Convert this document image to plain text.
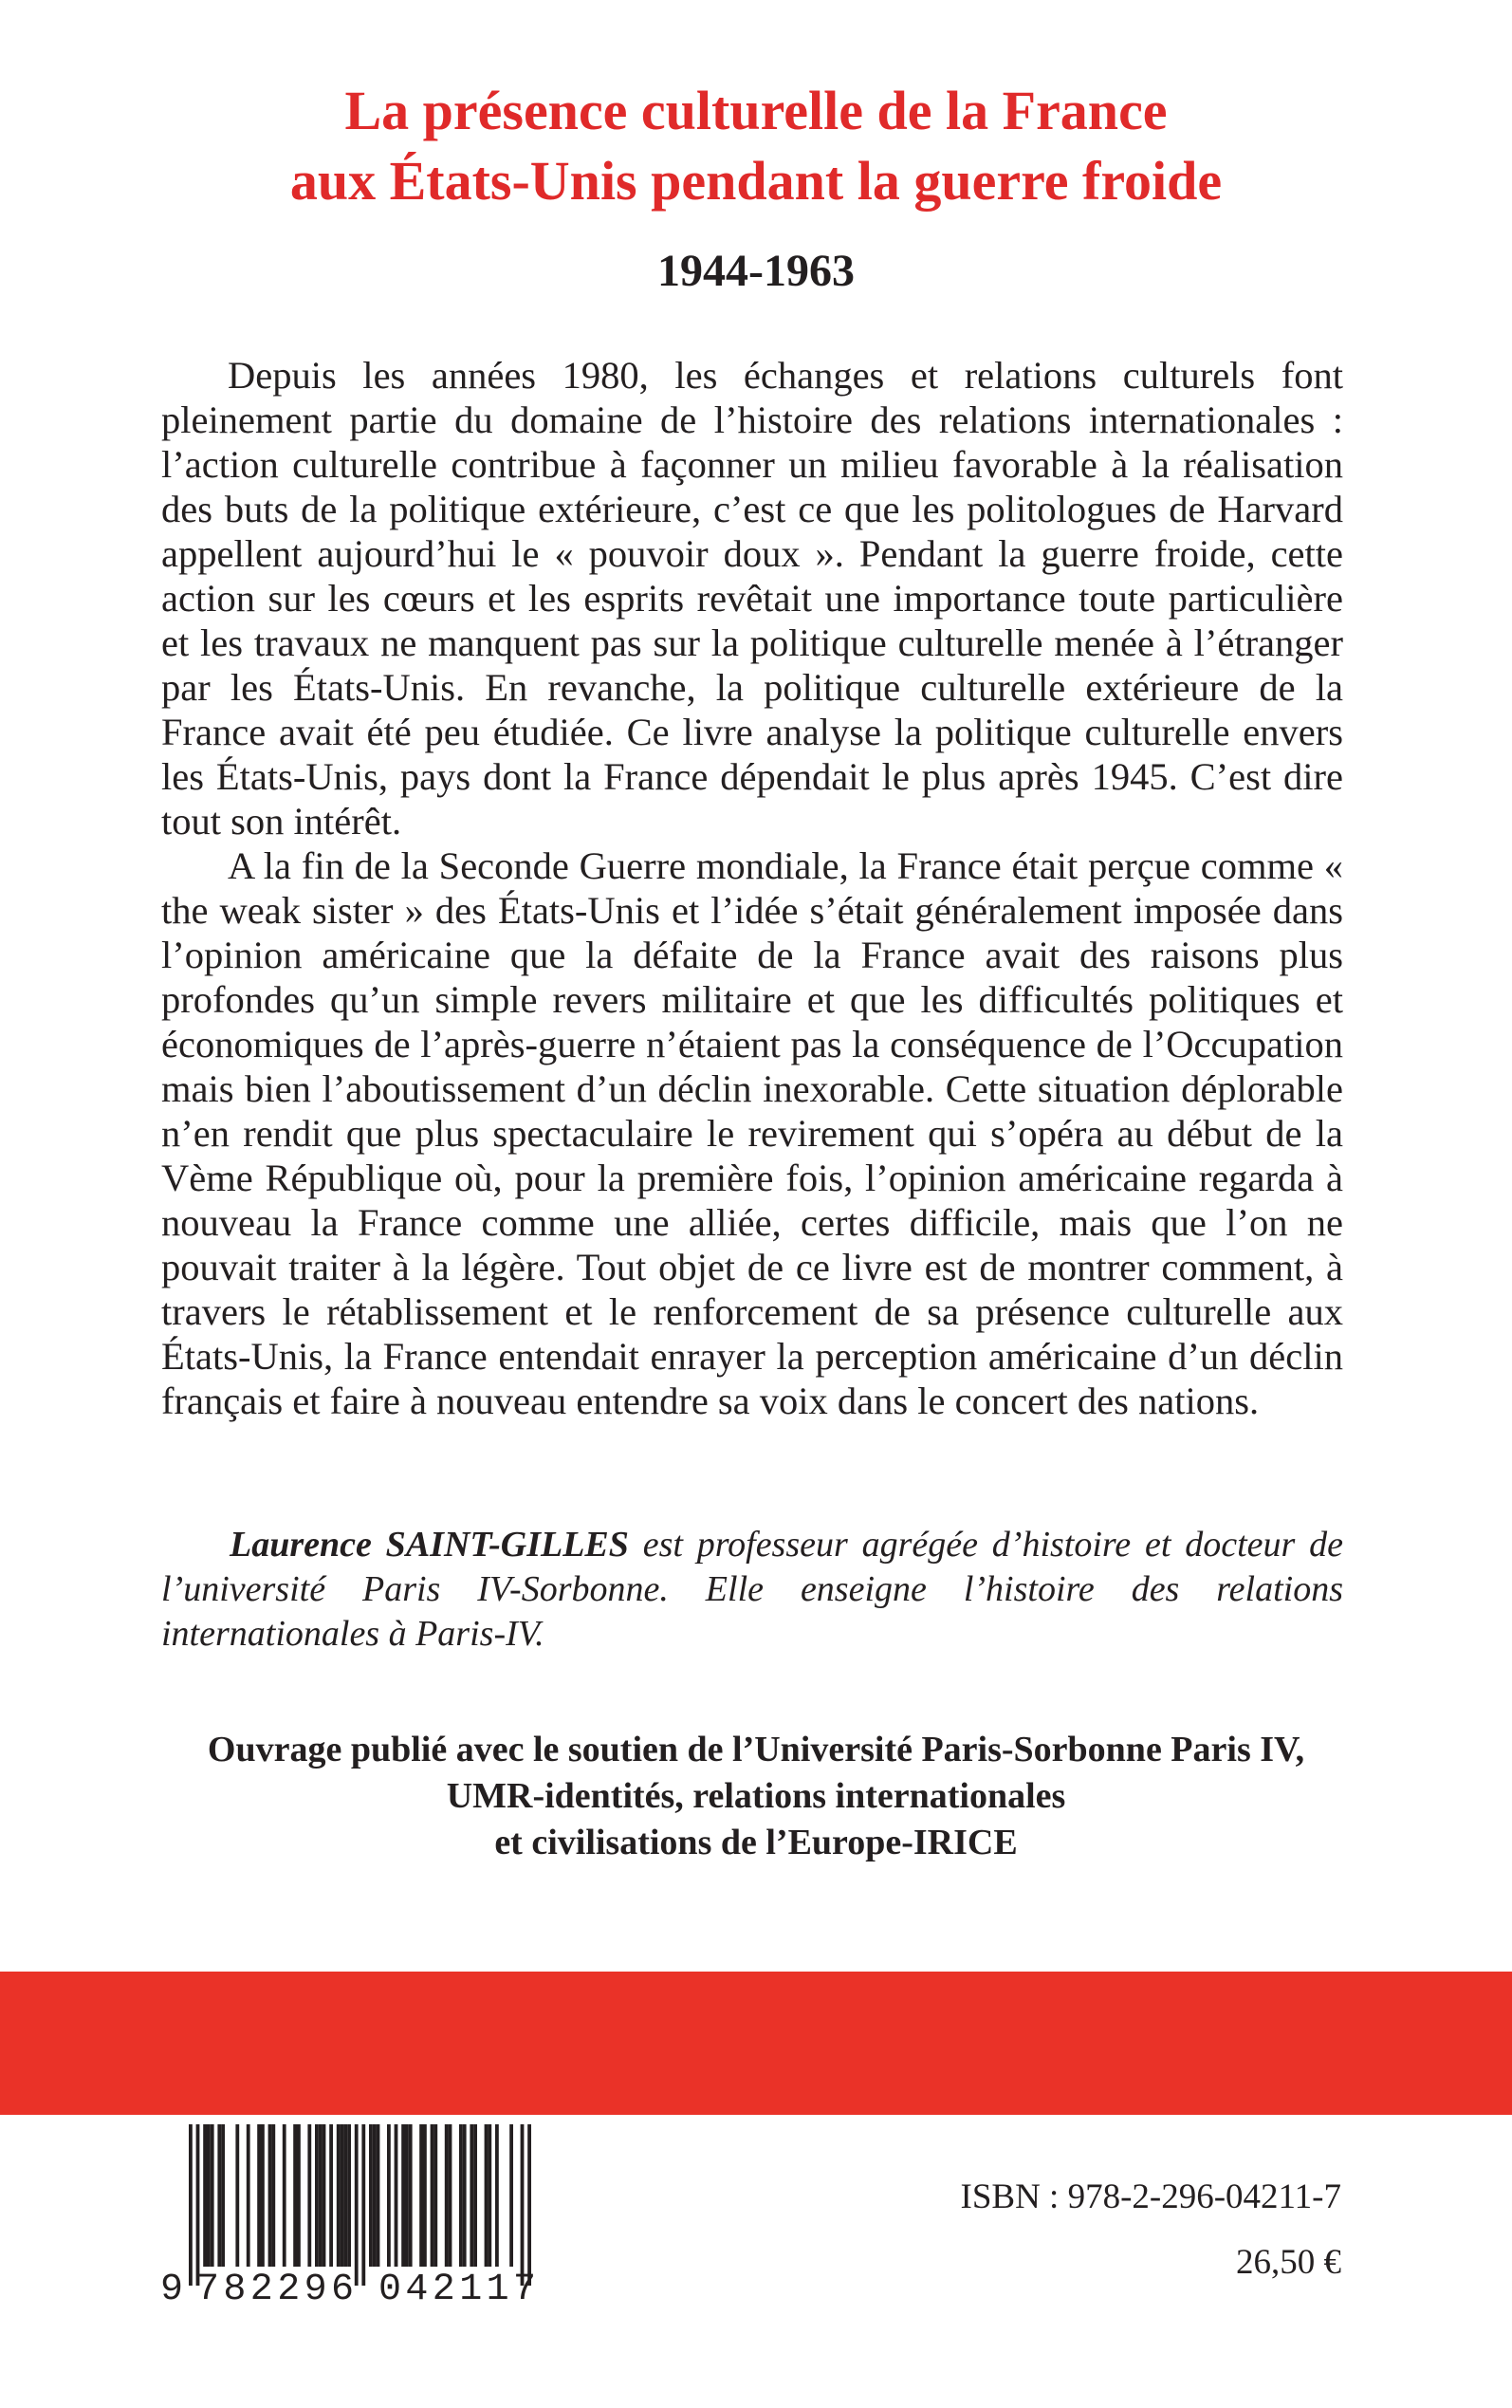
La présence culturelle de la France
aux États-Unis pendant la guerre froide
1944-1963

Depuis les années 1980, les échanges et relations culturels font pleinement partie du domaine de l’histoire des relations internationales : l’action culturelle contribue à façonner un milieu favorable à la réalisation des buts de la politique extérieure, c’est ce que les politologues de Harvard appellent aujourd’hui le « pouvoir doux ». Pendant la guerre froide, cette action sur les cœurs et les esprits revêtait une importance toute particulière et les travaux ne manquent pas sur la politique culturelle menée à l’étranger par les États-Unis. En revanche, la politique culturelle extérieure de la France avait été peu étudiée. Ce livre analyse la politique culturelle envers les États-Unis, pays dont la France dépendait le plus après 1945. C’est dire tout son intérêt.

A la fin de la Seconde Guerre mondiale, la France était perçue comme « the weak sister » des États-Unis et l’idée s’était généralement imposée dans l’opinion américaine que la défaite de la France avait des raisons plus profondes qu’un simple revers militaire et que les difficultés politiques et économiques de l’après-guerre n’étaient pas la conséquence de l’Occupation mais bien l’aboutissement d’un déclin inexorable. Cette situation déplorable n’en rendit que plus spectaculaire le revirement qui s’opéra au début de la Vème République où, pour la première fois, l’opinion américaine regarda à nouveau la France comme une alliée, certes difficile, mais que l’on ne pouvait traiter à la légère. Tout objet de ce livre est de montrer comment, à travers le rétablissement et le renforcement de sa présence culturelle aux États-Unis, la France entendait enrayer la perception américaine d’un déclin français et faire à nouveau entendre sa voix dans le concert des nations.

Laurence SAINT-GILLES est professeur agrégée d’histoire et docteur de l’université Paris IV-Sorbonne. Elle enseigne l’histoire des relations internationales à Paris-IV.

Ouvrage publié avec le soutien de l’Université Paris-Sorbonne Paris IV,
UMR-identités, relations internationales
et civilisations de l’Europe-IRICE
9 782296 042117
ISBN : 978-2-296-04211-7
26,50 €
